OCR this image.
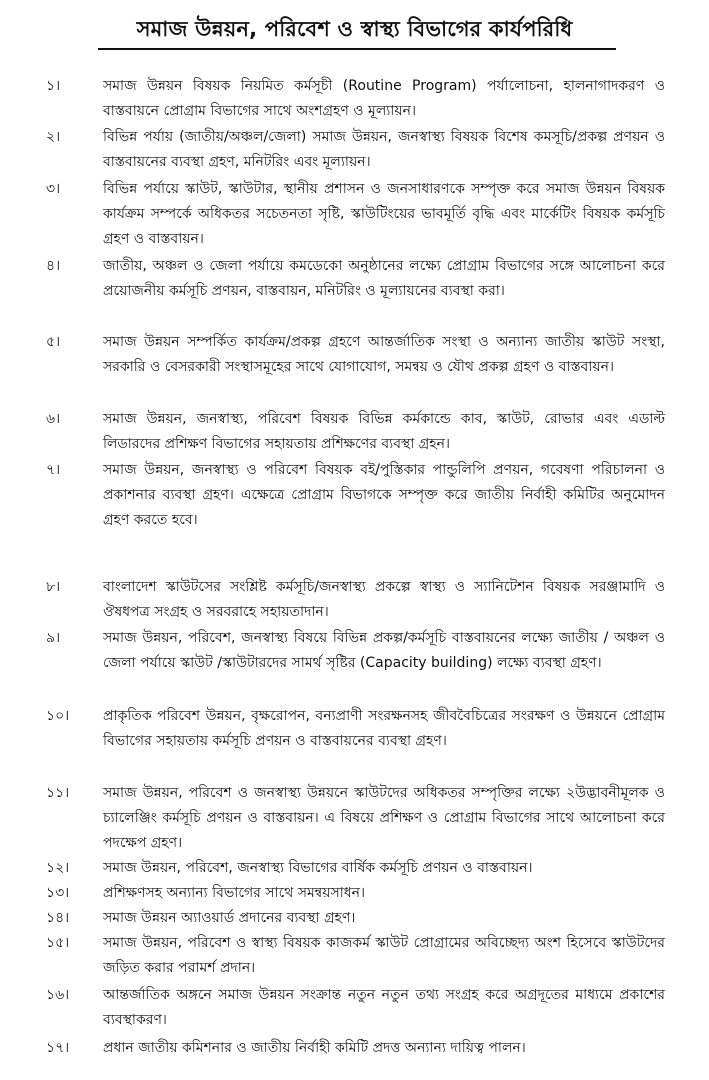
সমাজ উন্নয়ন, পরিবেশ ও স্বাস্থ্য বিভাগের কার্যপরিধি
১।	সমাজ উন্নয়ন বিষয়ক নিয়মিত কর্মসূচী (Routine Program) পর্যালোচনা, হালনাগাদকরণ ও বাস্তবায়নে প্রোগ্রাম বিভাগের সাথে অংশগ্রহণ ও মূল্যায়ন।
২।	বিভিন্ন পর্যায় (জাতীয়/অঞ্চল/জেলা) সমাজ উন্নয়ন, জনস্বাস্থ্য বিষয়ক বিশেষ কমসূচি/প্রকল্প প্রণয়ন ও বাস্তবায়নের ব্যবস্থা গ্রহণ, মনিটরিং এবং মূল্যায়ন।
৩।	বিভিন্ন পর্যায়ে স্কাউট, স্কাউটার, স্থানীয় প্রশাসন ও জনসাধারণকে সম্পৃক্ত করে সমাজ উন্নয়ন বিষয়ক কার্যক্রম সম্পর্কে অধিকতর সচেতনতা সৃষ্টি, স্কাউটিংয়ের ভাবমূর্তি বৃদ্ধি এবং মার্কেটিং বিষয়ক কর্মসূচি গ্রহণ ও বাস্তবায়ন।
৪।	জাতীয়, অঞ্চল ও জেলা পর্যায়ে কমডেকো অনুষ্ঠানের লক্ষ্যে প্রোগ্রাম বিভাগের সঙ্গে আলোচনা করে প্রয়োজনীয় কর্মসূচি প্রণয়ন, বাস্তবায়ন, মনিটরিং ও মূল্যায়নের ব্যবস্থা করা।
৫।	সমাজ উন্নয়ন সম্পর্কিত কার্যক্রম/প্রকল্প গ্রহণে আন্তর্জাতিক সংস্থা ও অন্যান্য জাতীয় স্কাউট সংস্থা, সরকারি ও বেসরকারী সংস্থাসমূহের সাথে যোগাযোগ, সমন্বয় ও যৌথ প্রকল্প গ্রহণ ও বাস্তবায়ন।
৬।	সমাজ উন্নয়ন, জনস্বাস্থ্য, পরিবেশ বিষয়ক বিভিন্ন কর্মকান্ডে কাব, স্কাউট, রোভার এবং এডাল্ট লিডারদের প্রশিক্ষণ বিভাগের সহায়তায় প্রশিক্ষণের ব্যবস্থা গ্রহন।
৭।	সমাজ উন্নয়ন, জনস্বাস্থ্য ও পরিবেশ বিষয়ক বই/পুস্তিকার পান্ডুলিপি প্রণয়ন, গবেষণা পরিচালনা ও প্রকাশনার ব্যবস্থা গ্রহণ। এক্ষেত্রে প্রোগ্রাম বিভাগকে সম্পৃক্ত করে জাতীয় নির্বাহী কমিটির অনুমোদন গ্রহণ করতে হবে।
৮।	বাংলাদেশ স্কাউটসের সংশ্লিষ্ট কর্মসূচি/জনস্বাস্থ্য প্রকল্পে স্বাস্থ্য ও স্যানিটেশন বিষয়ক সরঞ্জামাদি ও ঔষধপত্র সংগ্রহ ও সরবরাহে সহায়তাদান।
৯।	সমাজ উন্নয়ন, পরিবেশ, জনস্বাস্থ্য বিষয়ে বিভিন্ন প্রকল্প/কর্মসূচি বাস্তবায়নের লক্ষ্যে জাতীয় / অঞ্চল ও জেলা পর্যায়ে স্কাউট /স্কাউটারদের সামর্থ সৃষ্টির (Capacity building) লক্ষ্যে ব্যবস্থা গ্রহণ।
১০।	প্রাকৃতিক পরিবেশ উন্নয়ন, বৃক্ষরোপন, বন্যপ্রাণী সংরক্ষনসহ জীববৈচিত্রের সংরক্ষণ ও উন্নয়নে প্রোগ্রাম বিভাগের সহায়তায় কর্মসূচি প্রণয়ন ও বাস্তবায়নের ব্যবস্থা গ্রহণ।
১১।	সমাজ উন্নয়ন, পরিবেশ ও জনস্বাস্থ্য উন্নয়নে স্কাউটদের অধিকতর সম্পৃক্তির লক্ষ্যে ২উদ্ভাবনীমূলক ও চ্যালেঞ্জিং কর্মসূচি প্রণয়ন ও বাস্তবায়ন। এ বিষয়ে প্রশিক্ষণ ও প্রোগ্রাম বিভাগের সাথে আলোচনা করে পদক্ষেপ গ্রহণ।
১২।	সমাজ উন্নয়ন, পরিবেশ, জনস্বাস্থ্য বিভাগের বার্ষিক কর্মসূচি প্রণয়ন ও বাস্তবায়ন।
১৩।	প্রশিক্ষণসহ অন্যান্য বিভাগের সাথে সমন্বয়সাধন।
১৪।	সমাজ উন্নয়ন অ্যাওয়ার্ড প্রদানের ব্যবস্থা গ্রহণ।
১৫।	সমাজ উন্নয়ন, পরিবেশ ও স্বাস্থ্য বিষয়ক কাজকর্ম স্কাউট প্রোগ্রামের অবিচ্ছেদ্য অংশ হিসেবে স্কাউটদের জড়িত করার পরামর্শ প্রদান।
১৬।	আন্তর্জাতিক অঙ্গনে সমাজ উন্নয়ন সংক্রান্ত নতুন নতুন তথ্য সংগ্রহ করে অগ্রদূতের মাধ্যমে প্রকাশের ব্যবস্থাকরণ।
১৭।	প্রধান জাতীয় কমিশনার ও জাতীয় নির্বাহী কমিটি প্রদত্ত অন্যান্য দায়িত্ব পালন।
